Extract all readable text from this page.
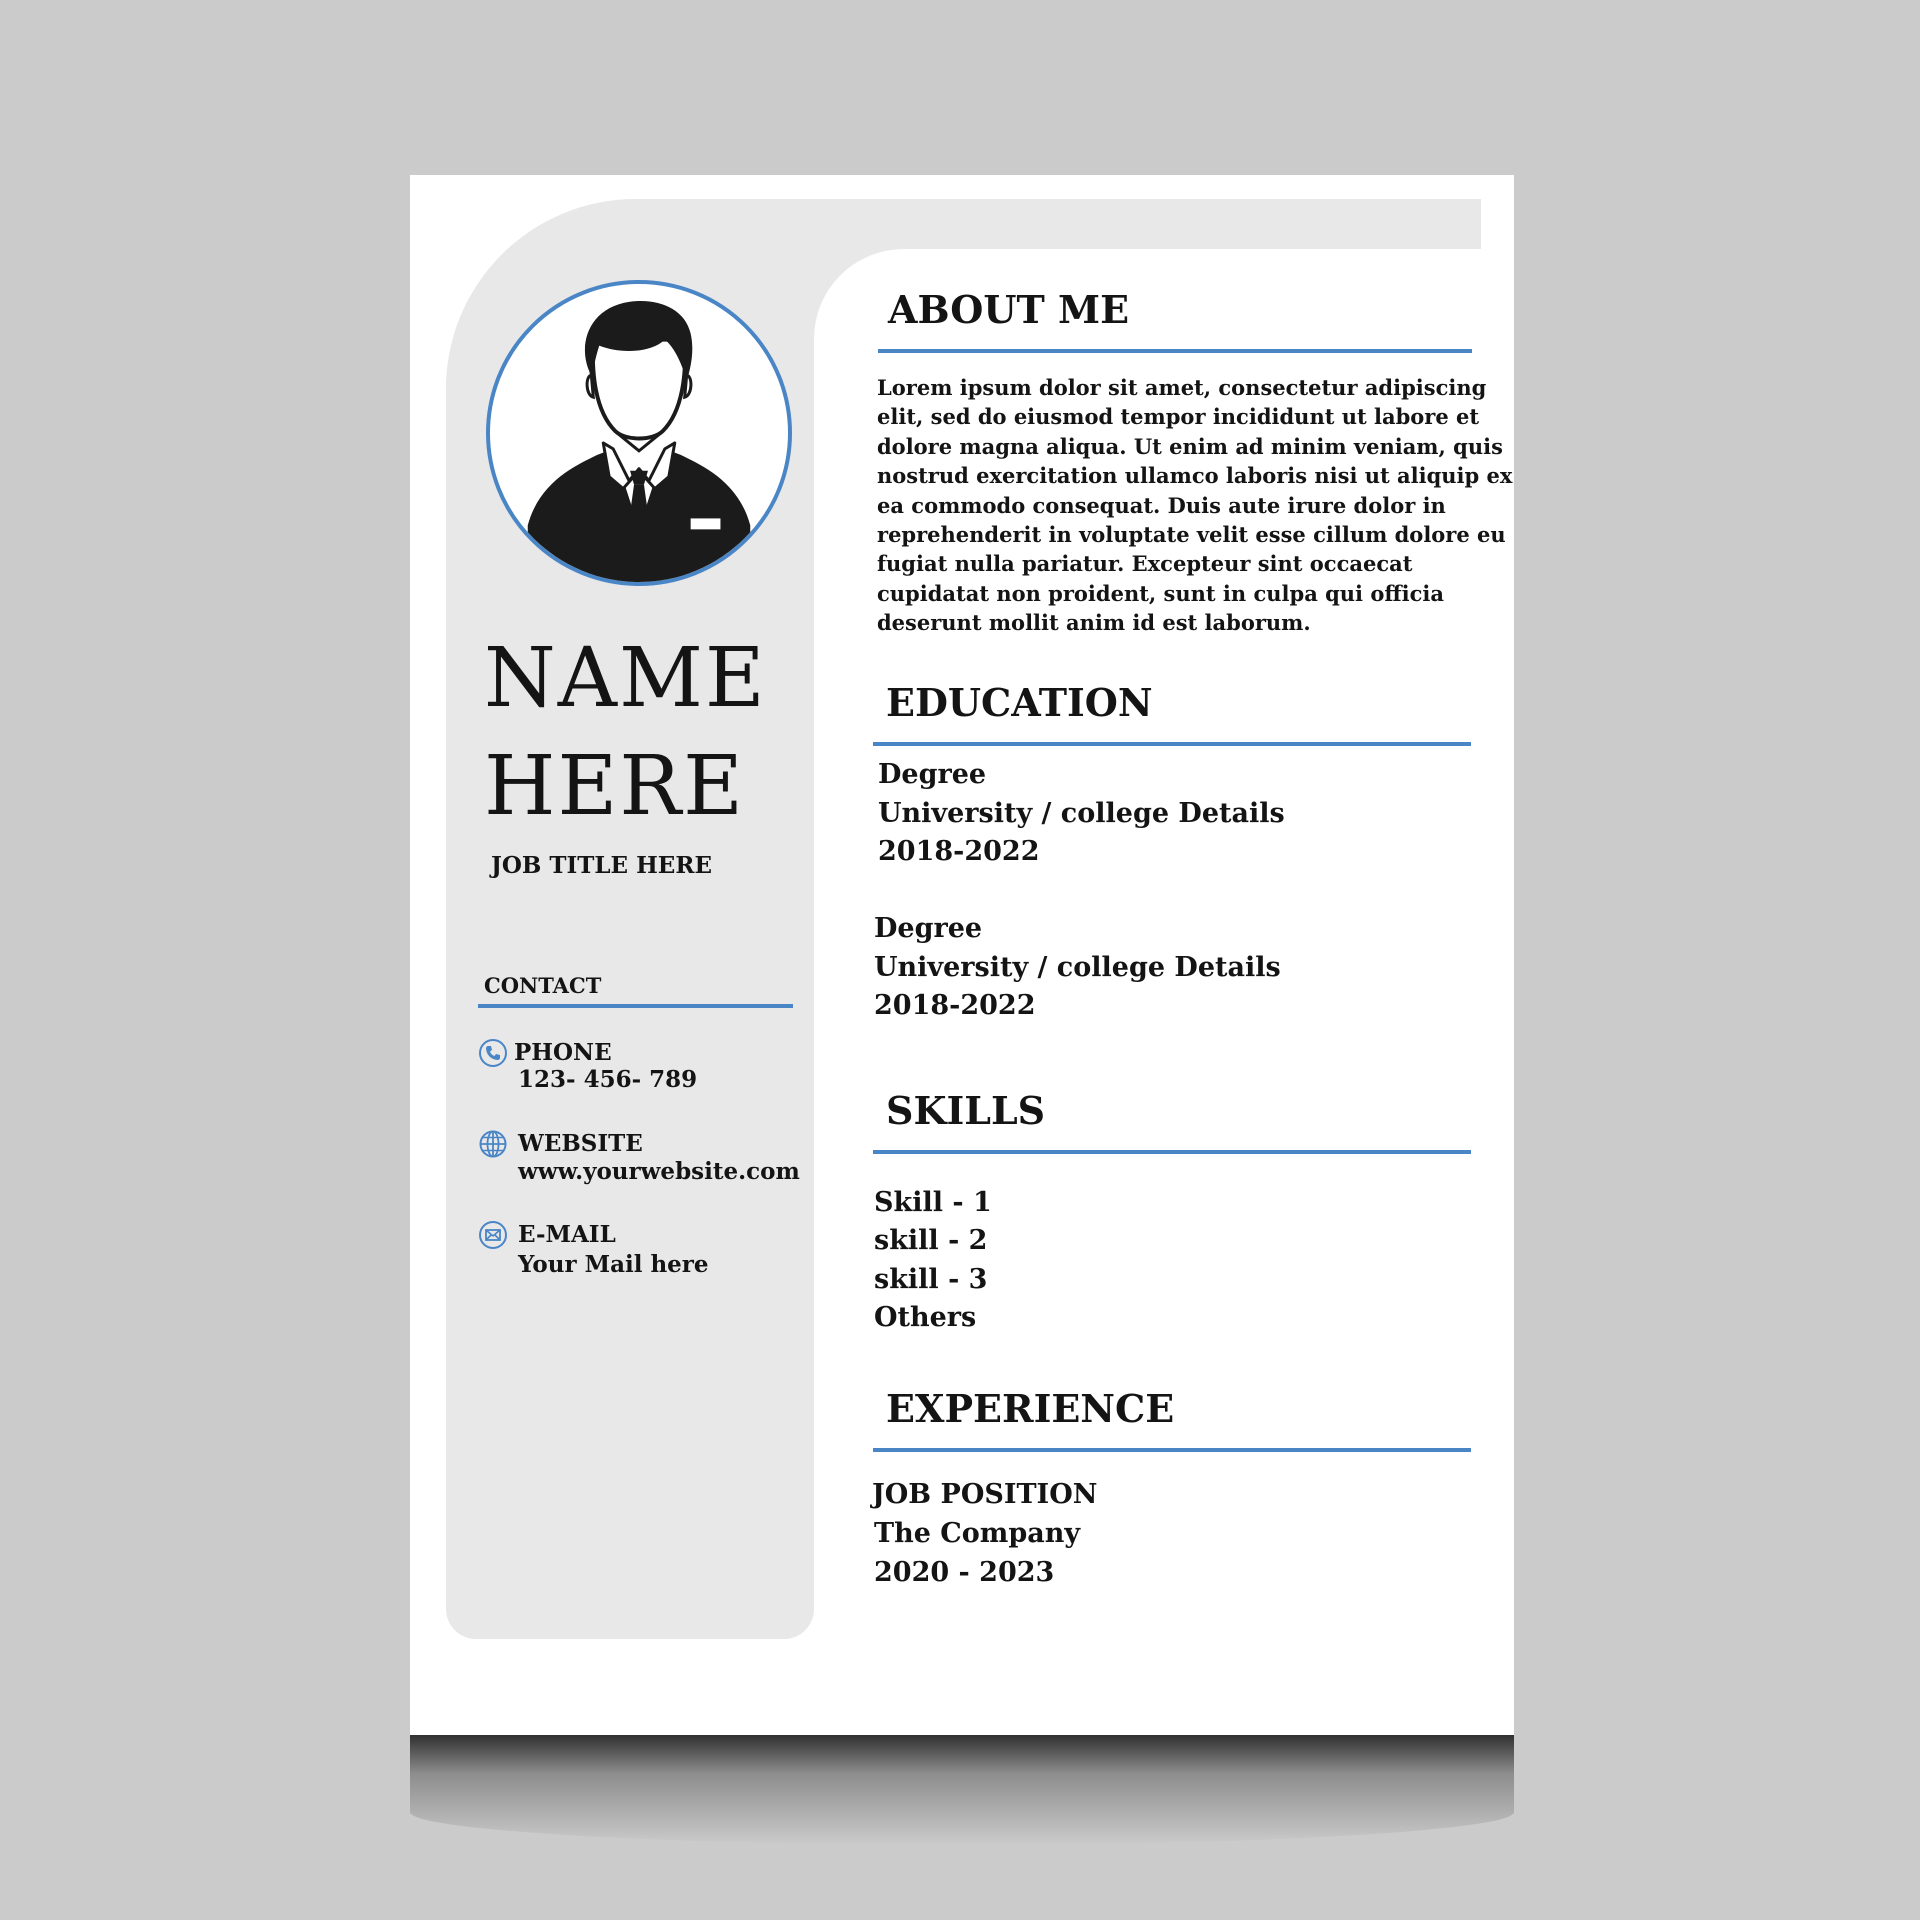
NAME
HERE
JOB TITLE HERE
CONTACT
PHONE
123- 456- 789
WEBSITE
www.yourwebsite.com
E-MAIL
Your Mail here
ABOUT ME

Lorem ipsum dolor sit amet, consectetur adipiscing elit, sed do eiusmod tempor incididunt ut labore et dolore magna aliqua. Ut enim ad minim veniam, quis nostrud exercitation ullamco laboris nisi ut aliquip ex ea commodo consequat. Duis aute irure dolor in reprehenderit in voluptate velit esse cillum dolore eu fugiat nulla pariatur. Excepteur sint occaecat cupidatat non proident, sunt in culpa qui officia deserunt mollit anim id est laborum.

EDUCATION
Degree
University / college Details
2018-2022
Degree
University / college Details
2018-2022
SKILLS
Skill - 1
skill - 2
skill - 3
Others
EXPERIENCE
JOB POSITION
The Company
2020 - 2023
